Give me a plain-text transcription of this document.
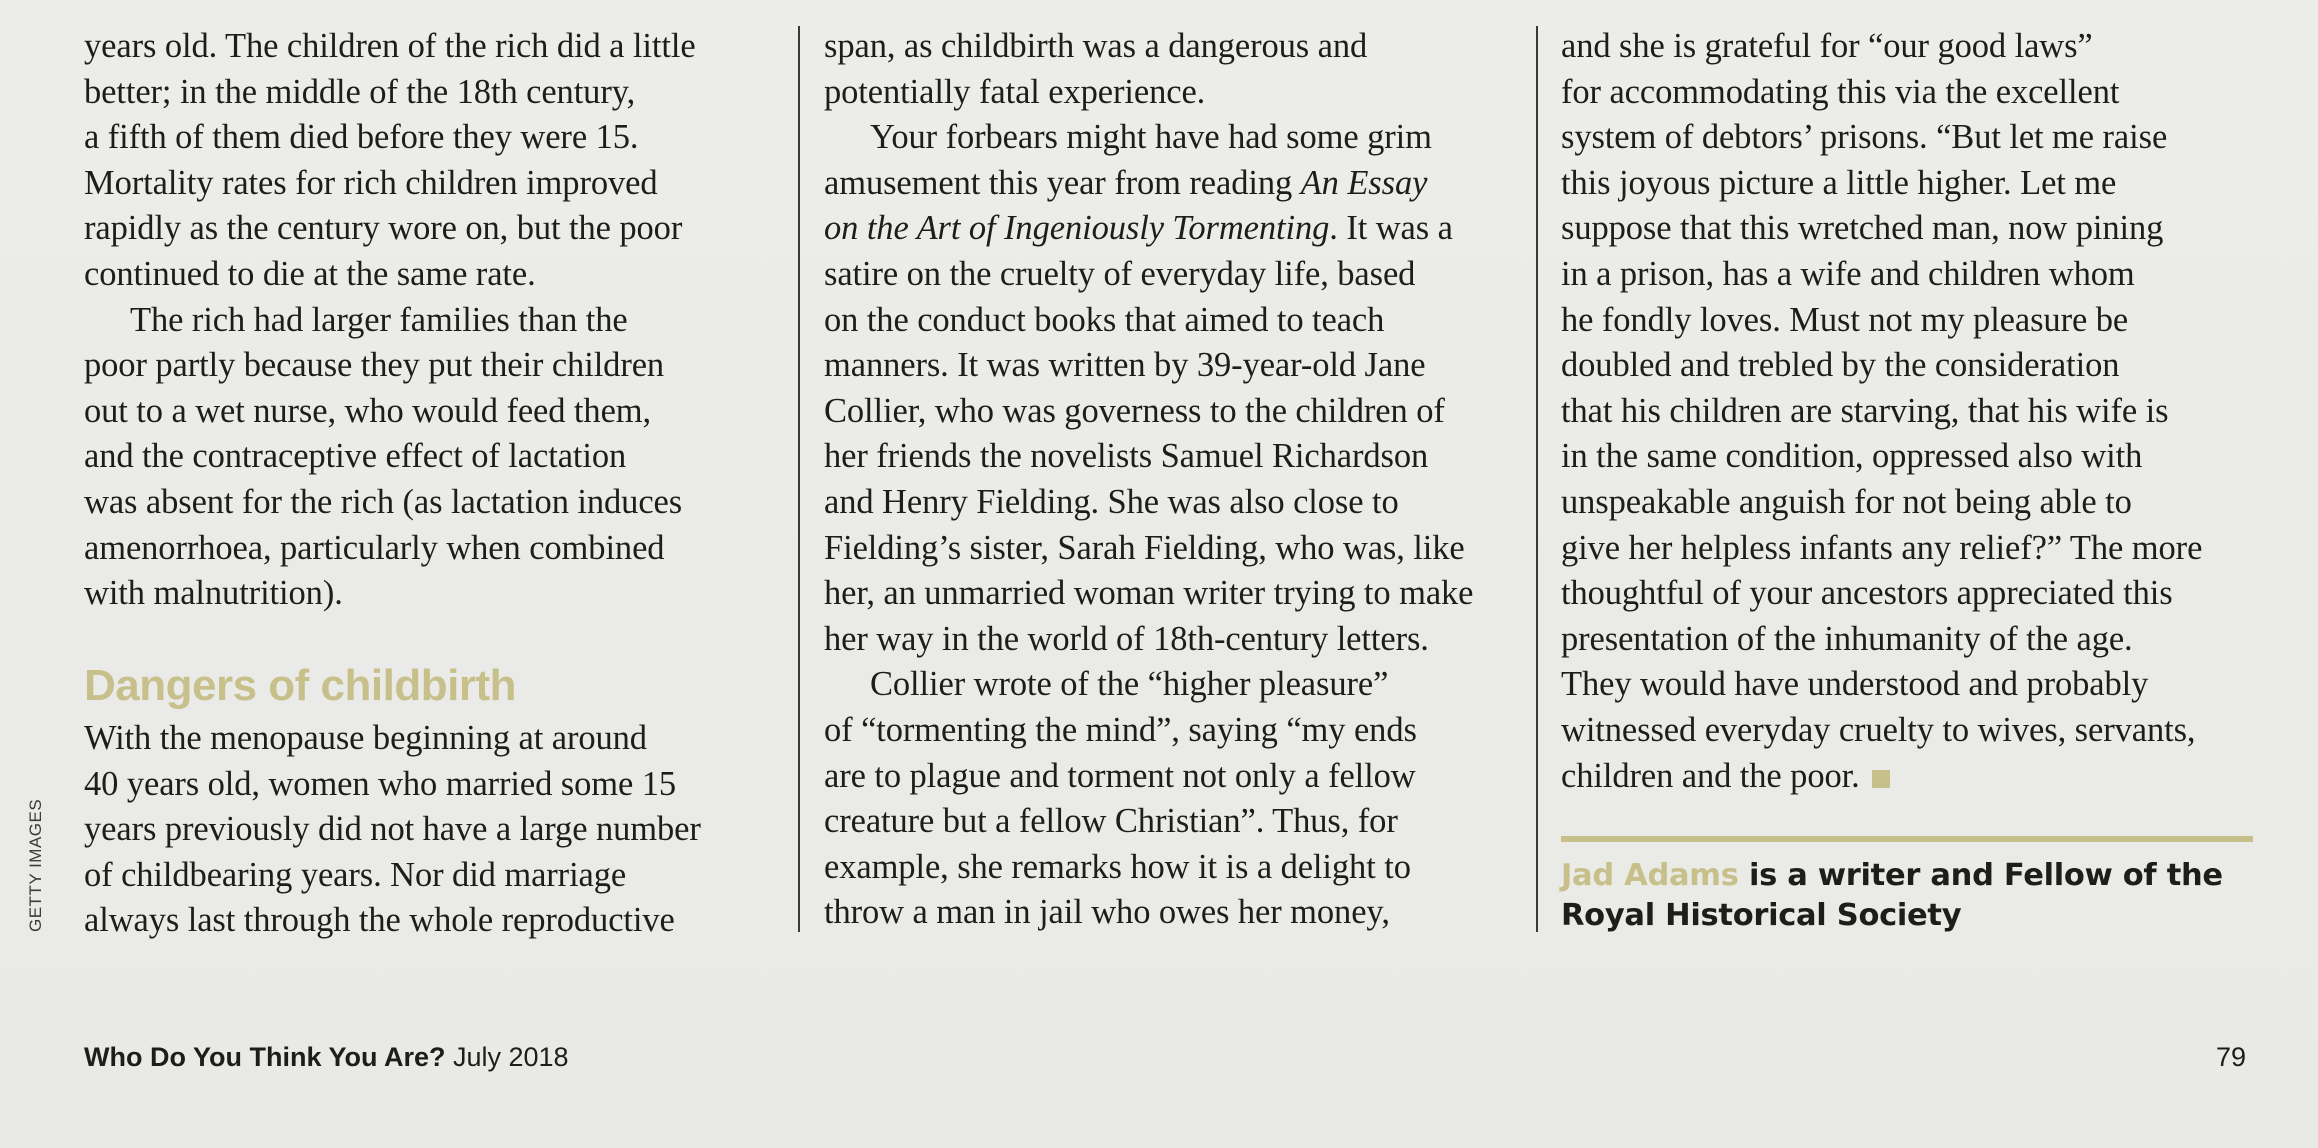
GETTY IMAGES
years old. The children of the rich did a little
better; in the middle of the 18th century,
a fifth of them died before they were 15.
Mortality rates for rich children improved
rapidly as the century wore on, but the poor
continued to die at the same rate.
The rich had larger families than the
poor partly because they put their children
out to a wet nurse, who would feed them,
and the contraceptive effect of lactation
was absent for the rich (as lactation induces
amenorrhoea, particularly when combined
with malnutrition).
Dangers of childbirth
With the menopause beginning at around
40 years old, women who married some 15
years previously did not have a large number
of childbearing years. Nor did marriage
always last through the whole reproductive
span, as childbirth was a dangerous and
potentially fatal experience.
Your forbears might have had some grim
amusement this year from reading An Essay
on the Art of Ingeniously Tormenting. It was a
satire on the cruelty of everyday life, based
on the conduct books that aimed to teach
manners. It was written by 39-year-old Jane
Collier, who was governess to the children of
her friends the novelists Samuel Richardson
and Henry Fielding. She was also close to
Fielding’s sister, Sarah Fielding, who was, like
her, an unmarried woman writer trying to make
her way in the world of 18th-century letters.
Collier wrote of the “higher pleasure”
of “tormenting the mind”, saying “my ends
are to plague and torment not only a fellow
creature but a fellow Christian”. Thus, for
example, she remarks how it is a delight to
throw a man in jail who owes her money,
and she is grateful for “our good laws”
for accommodating this via the excellent
system of debtors’ prisons. “But let me raise
this joyous picture a little higher. Let me
suppose that this wretched man, now pining
in a prison, has a wife and children whom
he fondly loves. Must not my pleasure be
doubled and trebled by the consideration
that his children are starving, that his wife is
in the same condition, oppressed also with
unspeakable anguish for not being able to
give her helpless infants any relief?” The more
thoughtful of your ancestors appreciated this
presentation of the inhumanity of the age.
They would have understood and probably
witnessed everyday cruelty to wives, servants,
children and the poor.
Jad Adams is a writer and Fellow of the
Royal Historical Society
Who Do You Think You Are? July 2018	79
